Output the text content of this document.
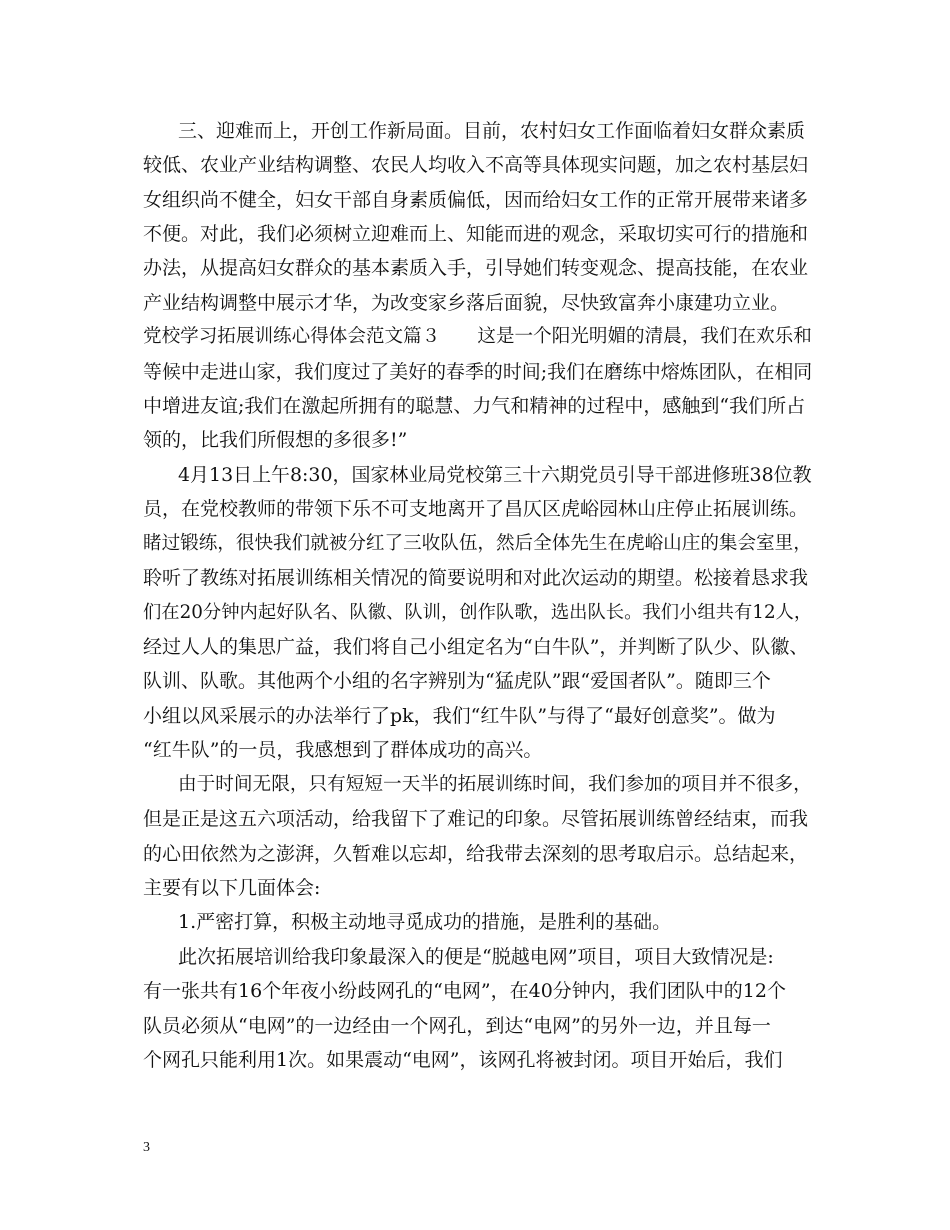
三、迎难而上，开创工作新局面。目前，农村妇女工作面临着妇女群众素质
较低、农业产业结构调整、农民人均收入不高等具体现实问题，加之农村基层妇
女组织尚不健全，妇女干部自身素质偏低，因而给妇女工作的正常开展带来诸多
不便。对此，我们必须树立迎难而上、知能而进的观念，采取切实可行的措施和
办法，从提高妇女群众的基本素质入手，引导她们转变观念、提高技能，在农业
产业结构调整中展示才华，为改变家乡落后面貌，尽快致富奔小康建功立业。
党校学习拓展训练心得体会范文篇３　　这是一个阳光明媚的清晨，我们在欢乐和
等候中走进山家，我们度过了美好的春季的时间;我们在磨练中熔炼团队，在相同
中增进友谊;我们在激起所拥有的聪慧、力气和精神的过程中，感触到“我们所占
领的，比我们所假想的多很多!”
4月13日上午8:30，国家林业局党校第三十六期党员引导干部进修班38位教
员，在党校教师的带领下乐不可支地离开了昌仄区虎峪园林山庄停止拓展训练。
睹过锻练，很快我们就被分红了三收队伍，然后全体先生在虎峪山庄的集会室里，
聆听了教练对拓展训练相关情况的简要说明和对此次运动的期望。松接着恳求我
们在20分钟内起好队名、队徽、队训，创作队歌，选出队长。我们小组共有12人，
经过人人的集思广益，我们将自己小组定名为“白牛队”，并判断了队少、队徽、
队训、队歌。其他两个小组的名字辨别为“猛虎队”跟“爱国者队”。随即三个
小组以风采展示的办法举行了pk，我们“红牛队”与得了“最好创意奖”。做为
“红牛队”的一员，我感想到了群体成功的高兴。
由于时间无限，只有短短一天半的拓展训练时间，我们参加的项目并不很多，
但是正是这五六项活动，给我留下了难记的印象。尽管拓展训练曾经结束，而我
的心田依然为之澎湃，久暂难以忘却，给我带去深刻的思考取启示。总结起来，
主要有以下几面体会:
1.严密打算，积极主动地寻觅成功的措施，是胜利的基础。
此次拓展培训给我印象最深入的便是“脱越电网”项目，项目大致情况是:
有一张共有16个年夜小纷歧网孔的“电网”，在40分钟内，我们团队中的12个
队员必须从“电网”的一边经由一个网孔，到达“电网”的另外一边，并且每一
个网孔只能利用1次。如果震动“电网”，该网孔将被封闭。项目开始后，我们
3
